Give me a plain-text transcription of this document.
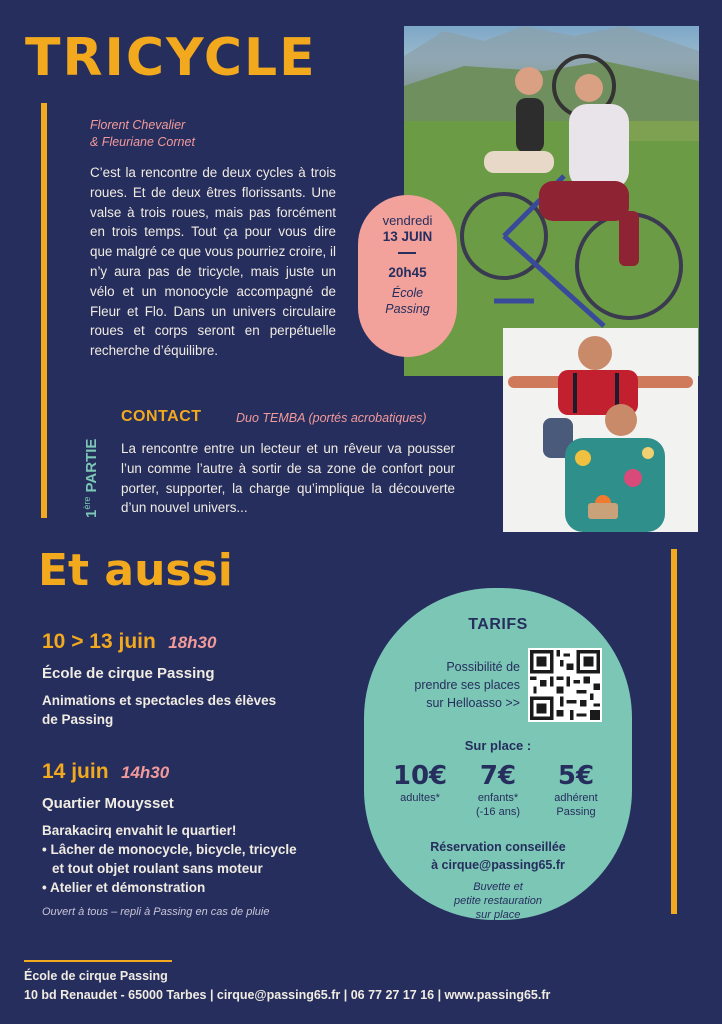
TRICYCLE
Florent Chevalier
& Fleuriane Cornet
C’est la rencontre de deux cycles à trois roues. Et de deux êtres florissants. Une valse à trois roues, mais pas forcément en trois temps. Tout ça pour vous dire que malgré ce que vous pourriez croire, il n’y aura pas de tricycle, mais juste un vélo et un monocycle accompagné de Fleur et Flo. Dans un univers circulaire roues et corps seront en perpétuelle recherche d’équilibre.
vendredi
13 JUIN
20h45
École
Passing
1ère PARTIE
CONTACT	Duo TEMBA (portés acrobatiques)
La rencontre entre un lecteur et un rêveur va pousser l’un comme l’autre à sortir de sa zone de confort pour porter, supporter, la charge qu’implique la découverte d’un nouvel univers...
Et aussi
10 > 13 juin 18h30
École de cirque Passing
Animations et spectacles des élèves
de Passing
14 juin 14h30
Quartier Mouysset
Barakacirq envahit le quartier!
• Lâcher de monocycle, bicycle, tricycle
et tout objet roulant sans moteur
• Atelier et démonstration
Ouvert à tous – repli à Passing en cas de pluie
TARIFS
Possibilité de
prendre ses places
sur Helloasso >>
Sur place :
10€
adultes*
7€
enfants*
(-16 ans)
5€
adhérent
Passing
Réservation conseillée
à cirque@passing65.fr
Buvette et
petite restauration
sur place
École de cirque Passing
10 bd Renaudet - 65000 Tarbes | cirque@passing65.fr | 06 77 27 17 16 | www.passing65.fr
